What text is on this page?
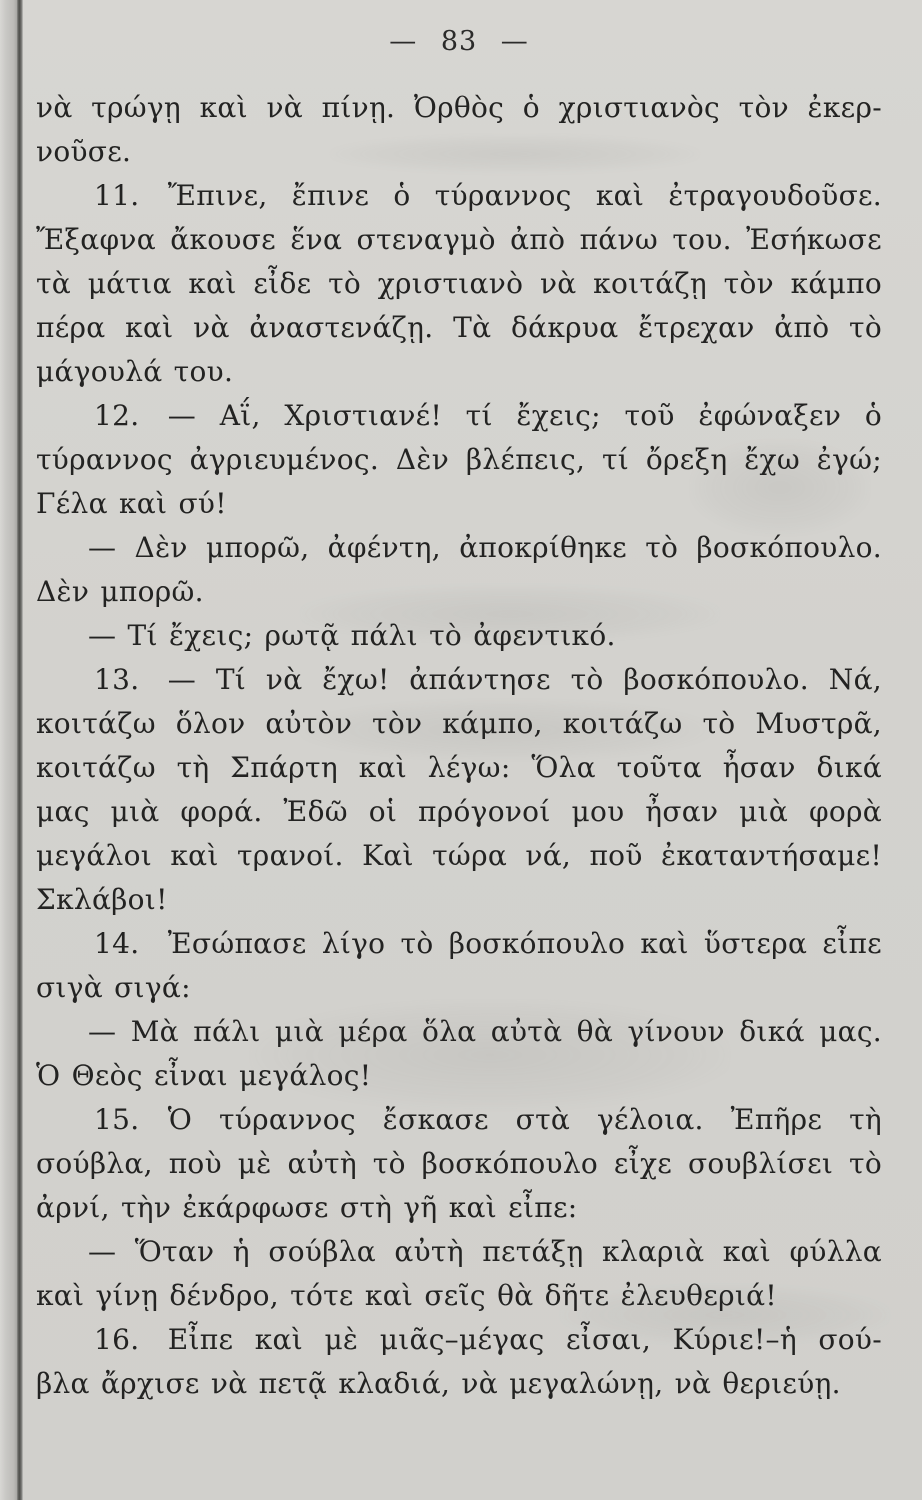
— 83 —
νὰ τρώγῃ καὶ νὰ πίνῃ. Ὀρθὸς ὁ χριστιανὸς τὸν ἐκερ-
νοῦσε.
11. Ἔπινε, ἔπινε ὁ τύραννος καὶ ἐτραγουδοῦσε.
Ἔξαφνα ἄκουσε ἕνα στεναγμὸ ἀπὸ πάνω του. Ἐσήκωσε
τὰ μάτια καὶ εἶδε τὸ χριστιανὸ νὰ κοιτάζῃ τὸν κάμπο
πέρα καὶ νὰ ἀναστενάζῃ. Τὰ δάκρυα ἔτρεχαν ἀπὸ τὸ
μάγουλά του.
12. — Αΐ, Χριστιανέ! τί ἔχεις; τοῦ ἐφώναξεν ὁ
τύραννος ἀγριευμένος. Δὲν βλέπεις, τί ὄρεξη ἔχω ἐγώ;
Γέλα καὶ σύ!
— Δὲν μπορῶ, ἀφέντη, ἀποκρίθηκε τὸ βοσκόπουλο.
Δὲν μπορῶ.
— Τί ἔχεις; ρωτᾷ πάλι τὸ ἀφεντικό.
13. — Τί νὰ ἔχω! ἀπάντησε τὸ βοσκόπουλο. Νά,
κοιτάζω ὅλον αὐτὸν τὸν κάμπο, κοιτάζω τὸ Μυστρᾶ,
κοιτάζω τὴ Σπάρτη καὶ λέγω: Ὅλα τοῦτα ἦσαν δικά
μας μιὰ φορά. Ἐδῶ οἱ πρόγονοί μου ἦσαν μιὰ φορὰ
μεγάλοι καὶ τρανοί. Καὶ τώρα νά, ποῦ ἐκαταντήσαμε!
Σκλάβοι!
14. Ἐσώπασε λίγο τὸ βοσκόπουλο καὶ ὕστερα εἶπε
σιγὰ σιγά:
— Μὰ πάλι μιὰ μέρα ὅλα αὐτὰ θὰ γίνουν δικά μας.
Ὁ Θεὸς εἶναι μεγάλος!
15. Ὁ τύραννος ἔσκασε στὰ γέλοια. Ἐπῆρε τὴ
σούβλα, ποὺ μὲ αὐτὴ τὸ βοσκόπουλο εἶχε σουβλίσει τὸ
ἀρνί, τὴν ἐκάρφωσε στὴ γῆ καὶ εἶπε:
— Ὅταν ἡ σούβλα αὐτὴ πετάξῃ κλαριὰ καὶ φύλλα
καὶ γίνῃ δένδρο, τότε καὶ σεῖς θὰ δῆτε ἐλευθεριά!
16. Εἶπε καὶ μὲ μιᾶς–μέγας εἶσαι, Κύριε!–ἡ σού-
βλα ἄρχισε νὰ πετᾷ κλαδιά, νὰ μεγαλώνῃ, νὰ θεριεύῃ.
